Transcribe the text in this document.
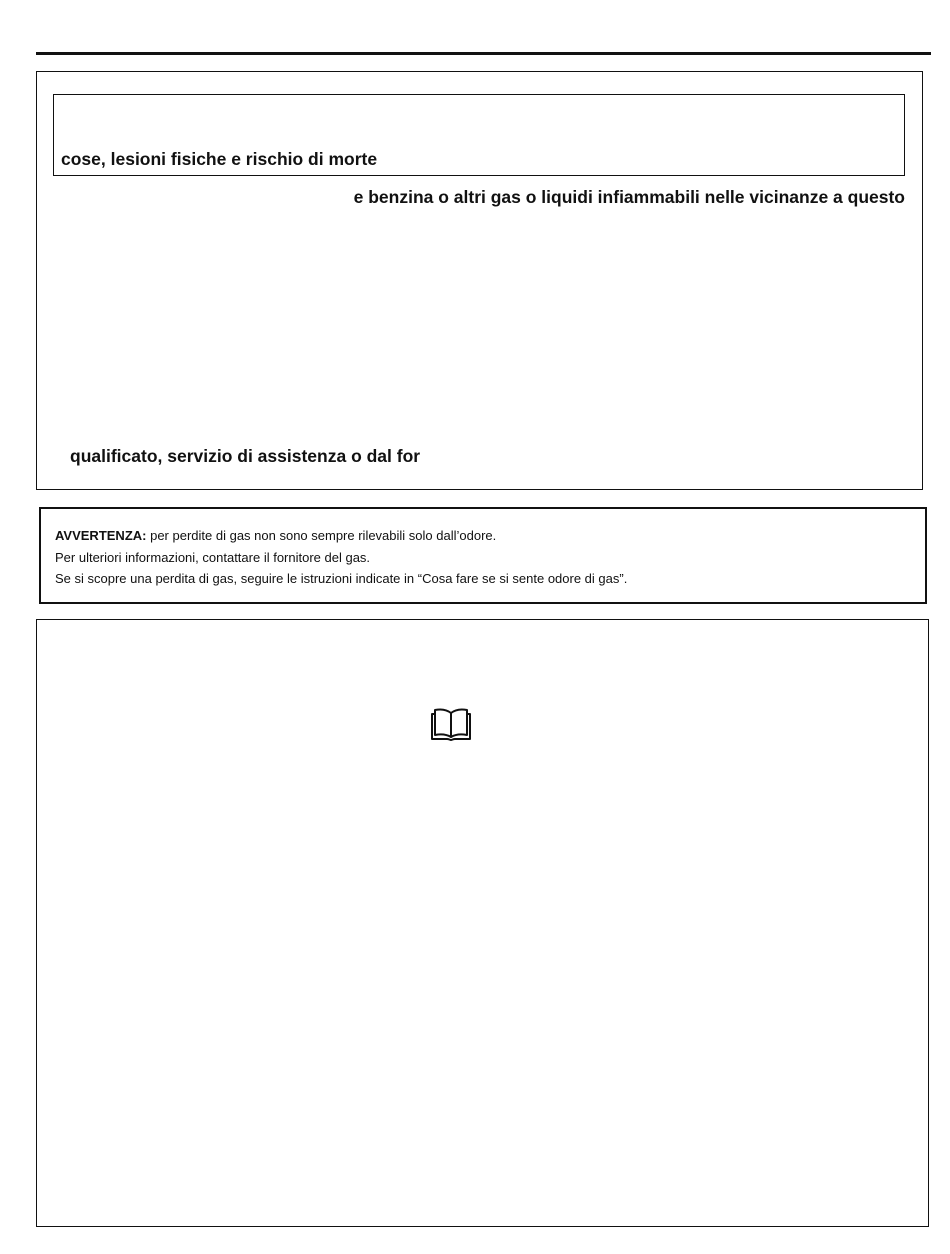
cose, lesioni fisiche e rischio di morte
e benzina o altri gas o liquidi infiammabili nelle vicinanze a questo
qualificato, servizio di assistenza o dal for
AVVERTENZA: per perdite di gas non sono sempre rilevabili solo dall’odore.
Per ulteriori informazioni, contattare il fornitore del gas.
Se si scopre una perdita di gas, seguire le istruzioni indicate in “Cosa fare se si sente odore di gas”.
